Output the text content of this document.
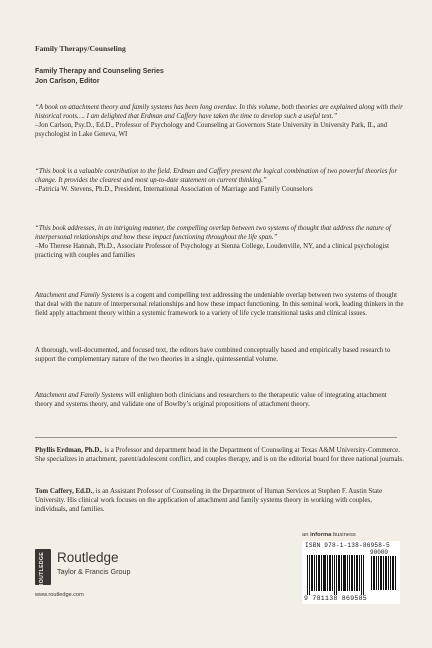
Family Therapy/Counseling
Family Therapy and Counseling Series
Jon Carlson, Editor
“A book on attachment theory and family systems has been long overdue. In this volume, both theories are explained along with their historical roots…. I am delighted that Erdman and Caffery have taken the time to develop such a useful text.”
–Jon Carlson, Psy.D., Ed.D., Professor of Psychology and Counseling at Governors State University in University Park, IL, and psychologist in Lake Geneva, WI
“This book is a valuable contribution to the field. Erdman and Caffery present the logical combination of two powerful theories for change. It provides the clearest and most up-to-date statement on current thinking.”
–Patricia W. Stevens, Ph.D., President, International Association of Marriage and Family Counselors
“This book addresses, in an intriguing manner, the compelling overlap between two systems of thought that address the nature of interpersonal relationships and how these impact functioning throughout the life span.”
–Mo Therese Hannah, Ph.D., Associate Professor of Psychology at Sienna College, Loudenville, NY, and a clinical psychologist practicing with couples and families
Attachment and Family Systems is a cogent and compelling text addressing the undeniable overlap between two systems of thought that deal with the nature of interpersonal relationships and how these impact functioning. In this seminal work, leading thinkers in the field apply attachment theory within a systemic framework to a variety of life cycle transitional tasks and clinical issues.
A thorough, well-documented, and focused text, the editors have combined conceptually based and empirically based research to support the complementary nature of the two theories in a single, quintessential volume.
Attachment and Family Systems will enlighten both clinicians and researchers to the therapeutic value of integrating attachment theory and systems theory, and validate one of Bowlby’s original propositions of attachment theory.
Phyllis Erdman, Ph.D., is a Professor and department head in the Department of Counseling at Texas A&M University-Commerce. She specializes in attachment, parent/adolescent conflict, and couples therapy, and is on the editorial board for three national journals.
Tom Caffery, Ed.D., is an Assistant Professor of Counseling in the Department of Human Services at Stephen F. Austin State University. His clinical work focuses on the application of attachment and family systems theory in working with couples, individuals, and families.
ROUTLEDGE Routledge
Taylor & Francis Group
www.routledge.com
an informa business
ISBN 978-1-138-86958-5
90000
9 781138 869585
